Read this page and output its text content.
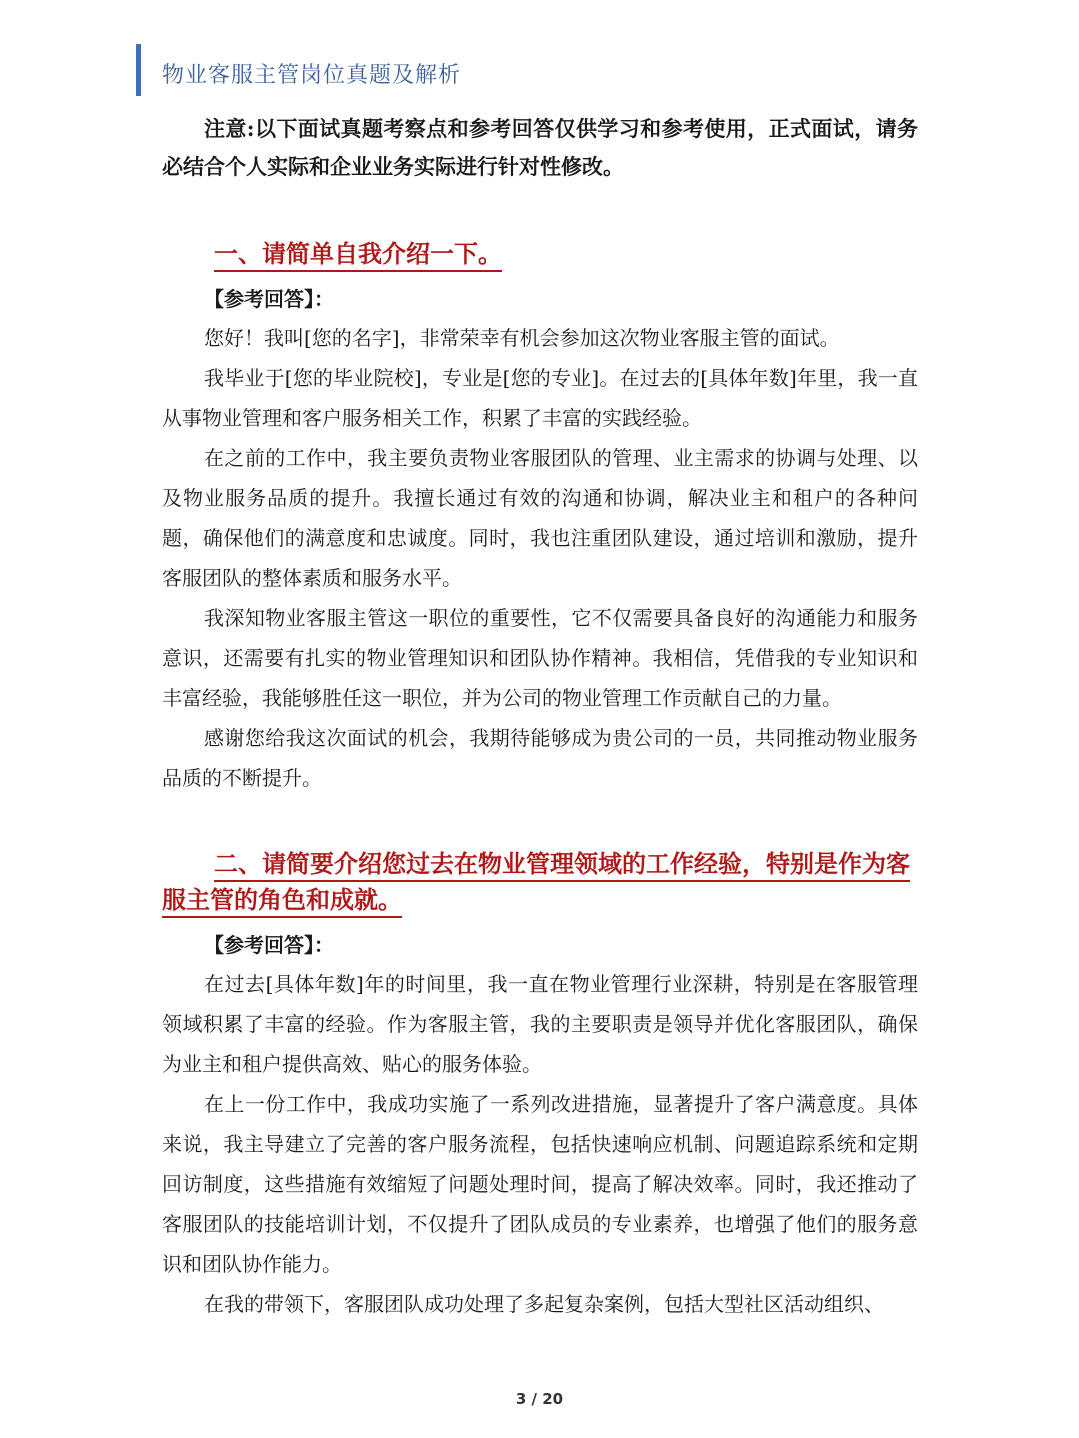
物业客服主管岗位真题及解析

注意:以下面试真题考察点和参考回答仅供学习和参考使用，正式面试，请务必结合个人实际和企业业务实际进行针对性修改。

一、请简单自我介绍一下。
【参考回答】：

您好！我叫[您的名字]，非常荣幸有机会参加这次物业客服主管的面试。

我毕业于[您的毕业院校]，专业是[您的专业]。在过去的[具体年数]年里，我一直从事物业管理和客户服务相关工作，积累了丰富的实践经验。

在之前的工作中，我主要负责物业客服团队的管理、业主需求的协调与处理、以及物业服务品质的提升。我擅长通过有效的沟通和协调，解决业主和租户的各种问题，确保他们的满意度和忠诚度。同时，我也注重团队建设，通过培训和激励，提升客服团队的整体素质和服务水平。

我深知物业客服主管这一职位的重要性，它不仅需要具备良好的沟通能力和服务意识，还需要有扎实的物业管理知识和团队协作精神。我相信，凭借我的专业知识和丰富经验，我能够胜任这一职位，并为公司的物业管理工作贡献自己的力量。

感谢您给我这次面试的机会，我期待能够成为贵公司的一员，共同推动物业服务品质的不断提升。

二、请简要介绍您过去在物业管理领域的工作经验，特别是作为客服主管的角色和成就。
【参考回答】：

在过去[具体年数]年的时间里，我一直在物业管理行业深耕，特别是在客服管理领域积累了丰富的经验。作为客服主管，我的主要职责是领导并优化客服团队，确保为业主和租户提供高效、贴心的服务体验。

在上一份工作中，我成功实施了一系列改进措施，显著提升了客户满意度。具体来说，我主导建立了完善的客户服务流程，包括快速响应机制、问题追踪系统和定期回访制度，这些措施有效缩短了问题处理时间，提高了解决效率。同时，我还推动了客服团队的技能培训计划，不仅提升了团队成员的专业素养，也增强了他们的服务意识和团队协作能力。

在我的带领下，客服团队成功处理了多起复杂案例，包括大型社区活动组织、

3 / 20
